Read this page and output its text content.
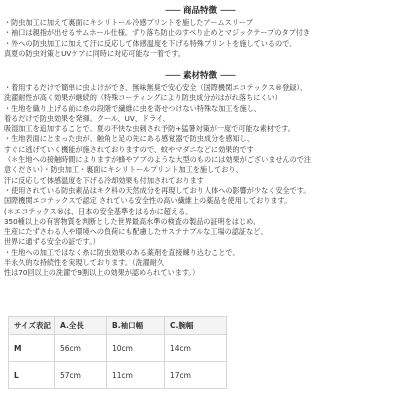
—— 商品特徴 ——
・防虫加工に加えて裏面にキシリトール冷感プリントを施したアームスリーブ
・袖口は親指が出せるサムホール仕様。ずり落ち防止のすべり止めとマジックテープのタブ付き
・外への防虫加工に加えて汗に反応して体感温度を下げる特殊プリントを施しているので、
真夏の防虫対策とUVケアに同時に対応可能な一着です。
—— 素材特徴 ——
・着用するだけで簡単に虫よけができ、無味無臭で安心安全（国際機関エコテックス®登録）、
洗濯耐性が高く効果が継続的（特殊コーティングにより防虫成分がはがれ落ちにくい）
・生地を織り上げる前に糸の段階で繊維に虫を寄せつけない特殊な加工を施し、
着るだけで防虫効果を発揮。クール、UV、ドライ、
吸湿加工を追加することで、夏の不快な虫刺され予防+猛暑対策が一度で可能な素材です。
・生地表面にとまった虫が、触角と足の先にある感覚器で防虫成分を感知し、
すぐに逃げていく機能が施されておりますので、蚊やマダニなどに効果的です
（＊生地への接触時間によりますが蜂やアブのような大型のものには効果がございませんので注
意ください）・防虫加工・裏面にキシリトールプリント加工を施しており、
汗に反応して体感温度を下げる冷却効果も付加されております
・使用されている防虫素品はキク科の天然成分を再現しており人体への影響が少なく安全です。
国際機関エコテックスで認定 されている安全性の高い繊維上の薬品を使用しております。
(＊エコテックス®は、日本の安全基準をはるかに超える、
350種以上の有害物質を判断とした世界最高水準の検査の製品の証明をはじめ、
生産にたずさわる人や環境への負荷にも配慮したサステナブルな工場の認証など、
世界に通ずる安全の証です。）
・生地への加工ではなく糸に防虫効果のある薬剤を直接練り込むことで、
半永久的な持続性を実現しております。（洗濯耐久
性は70回以上の洗濯で9割以上の効果が認められています。）
サイズ表記	A.全長	B.袖口幅	C.腕幅
M	56cm	10cm	14cm
L	57cm	11cm	17cm
